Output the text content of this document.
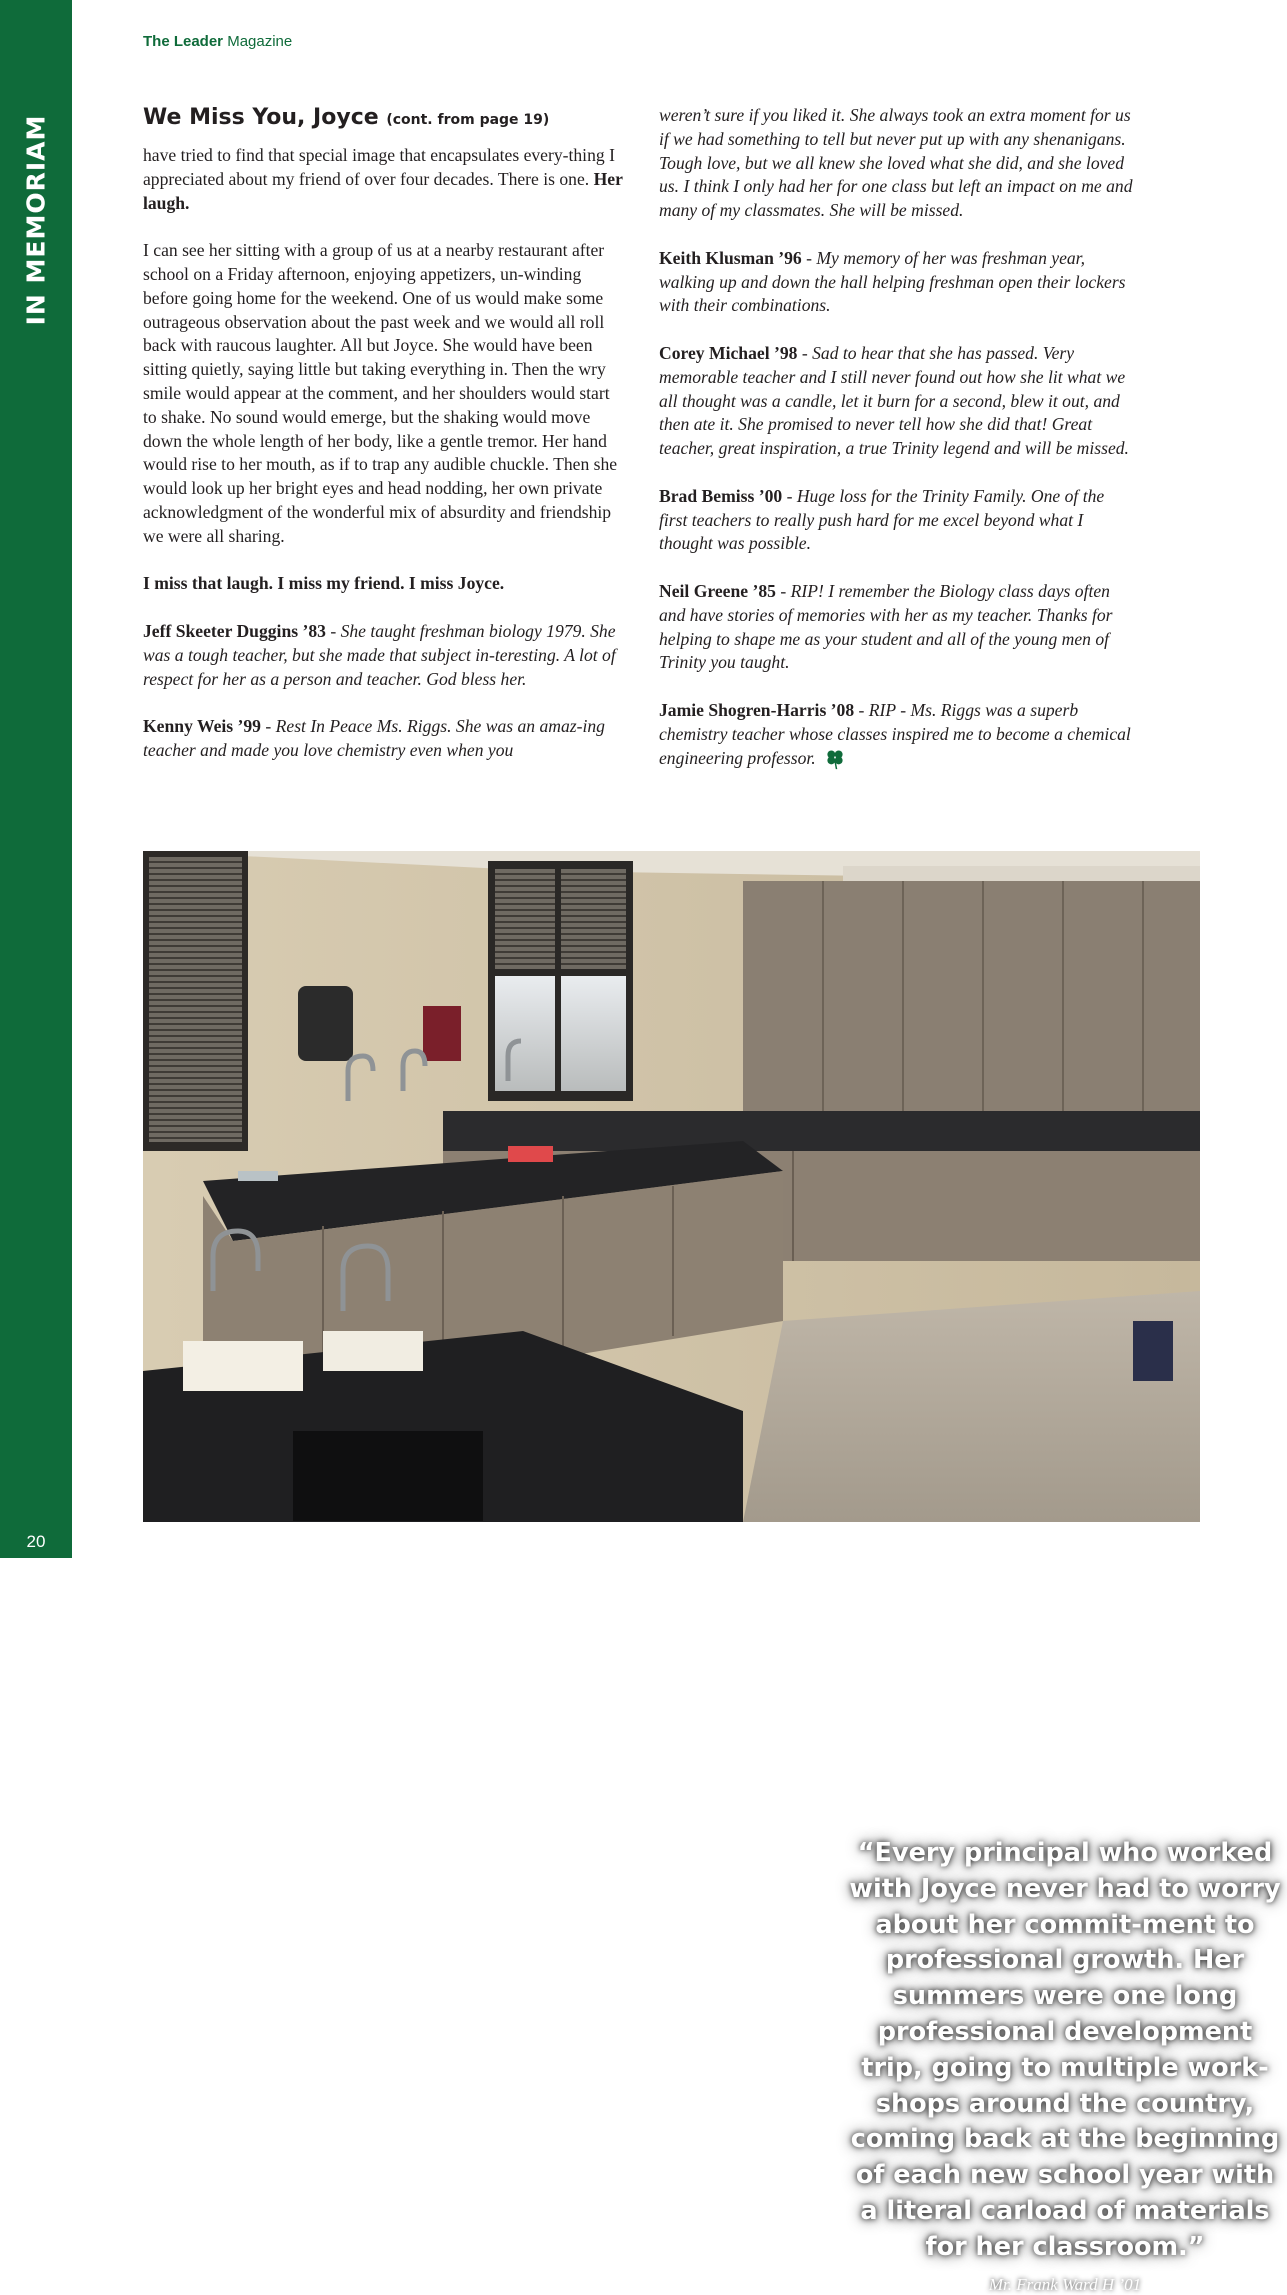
IN MEMORIAM
20
The Leader Magazine
We Miss You, Joyce (cont. from page 19)

have tried to find that special image that encapsulates every-thing I appreciated about my friend of over four decades. There is one. Her laugh.

I can see her sitting with a group of us at a nearby restaurant after school on a Friday afternoon, enjoying appetizers, un-winding before going home for the weekend. One of us would make some outrageous observation about the past week and we would all roll back with raucous laughter. All but Joyce. She would have been sitting quietly, saying little but taking everything in. Then the wry smile would appear at the comment, and her shoulders would start to shake. No sound would emerge, but the shaking would move down the whole length of her body, like a gentle tremor. Her hand would rise to her mouth, as if to trap any audible chuckle. Then she would look up her bright eyes and head nodding, her own private acknowledgment of the wonderful mix of absurdity and friendship we were all sharing.

I miss that laugh. I miss my friend. I miss Joyce.

Jeff Skeeter Duggins ’83 - She taught freshman biology 1979. She was a tough teacher, but she made that subject in-teresting. A lot of respect for her as a person and teacher. God bless her.

Kenny Weis ’99 - Rest In Peace Ms. Riggs. She was an amaz-ing teacher and made you love chemistry even when you

weren’t sure if you liked it. She always took an extra moment for us if we had something to tell but never put up with any shenanigans. Tough love, but we all knew she loved what she did, and she loved us. I think I only had her for one class but left an impact on me and many of my classmates. She will be missed.

Keith Klusman ’96 - My memory of her was freshman year, walking up and down the hall helping freshman open their lockers with their combinations.

Corey Michael ’98 - Sad to hear that she has passed. Very memorable teacher and I still never found out how she lit what we all thought was a candle, let it burn for a second, blew it out, and then ate it. She promised to never tell how she did that! Great teacher, great inspiration, a true Trinity legend and will be missed.

Brad Bemiss ’00 - Huge loss for the Trinity Family. One of the first teachers to really push hard for me excel beyond what I thought was possible.

Neil Greene ’85 - RIP! I remember the Biology class days often and have stories of memories with her as my teacher. Thanks for helping to shape me as your student and all of the young men of Trinity you taught.

Jamie Shogren-Harris ’08 - RIP - Ms. Riggs was a superb chemistry teacher whose classes inspired me to become a chemical engineering professor.

“Every principal who worked with Joyce never had to worry about her commit-ment to professional growth. Her summers were one long professional development trip, going to multiple work-shops around the country, coming back at the beginning of each new school year with a literal carload of materials for her classroom.”
Mr. Frank Ward H ’01
